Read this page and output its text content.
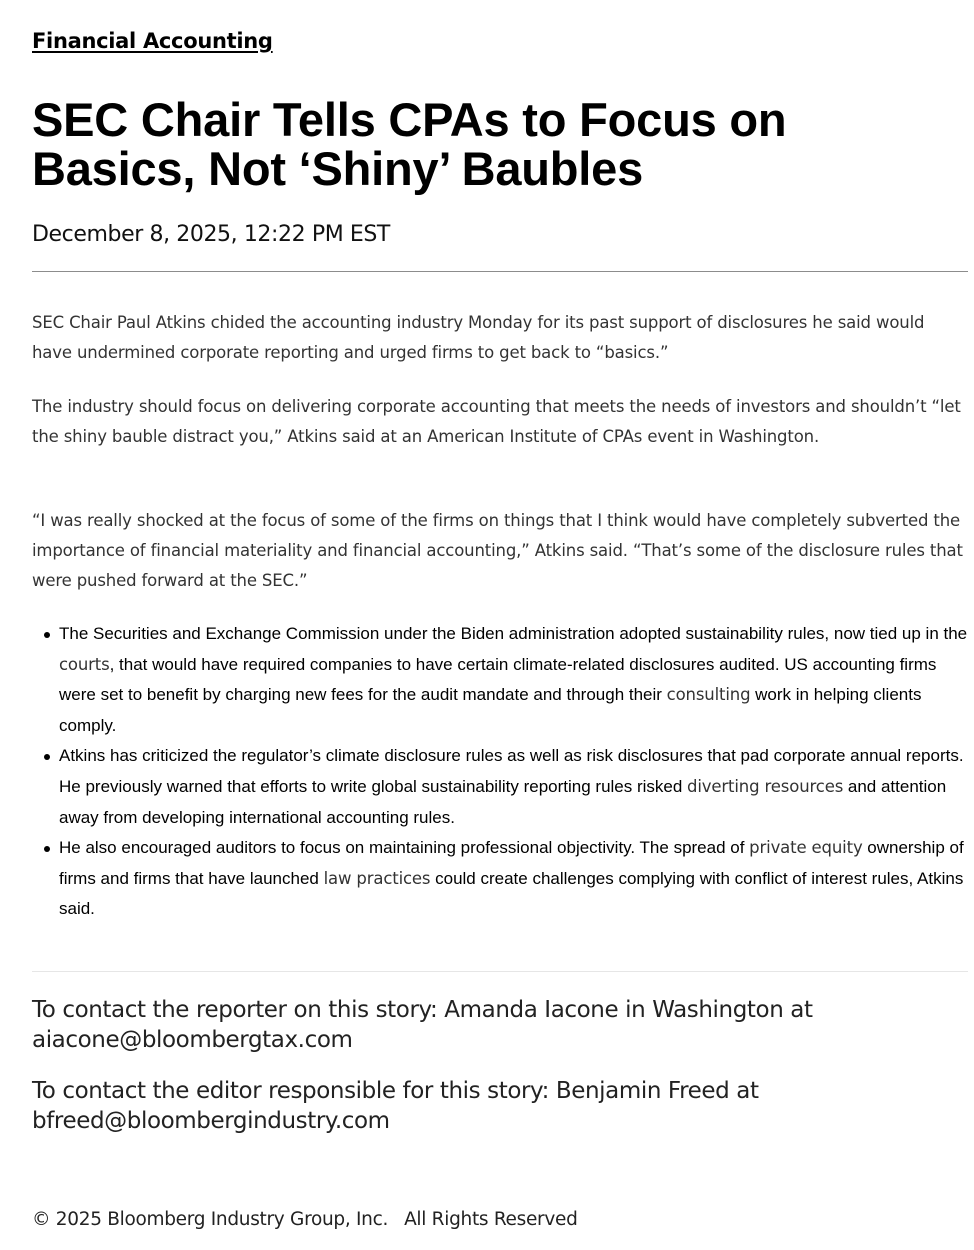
Financial Accounting
SEC Chair Tells CPAs to Focus on Basics, Not ‘Shiny’ Baubles
December 8, 2025, 12:22 PM EST

SEC Chair Paul Atkins chided the accounting industry Monday for its past support of disclosures he said would have undermined corporate reporting and urged firms to get back to “basics.”

The industry should focus on delivering corporate accounting that meets the needs of investors and shouldn’t “let the shiny bauble distract you,” Atkins said at an American Institute of CPAs event in Washington.

“I was really shocked at the focus of some of the firms on things that I think would have completely subverted the importance of financial materiality and financial accounting,” Atkins said. “That’s some of the disclosure rules that were pushed forward at the SEC.”

The Securities and Exchange Commission under the Biden administration adopted sustainability rules, now tied up in the courts, that would have required companies to have certain climate-related disclosures audited. US accounting firms were set to benefit by charging new fees for the audit mandate and through their consulting work in helping clients comply.
Atkins has criticized the regulator’s climate disclosure rules as well as risk disclosures that pad corporate annual reports. He previously warned that efforts to write global sustainability reporting rules risked diverting resources and attention away from developing international accounting rules.
He also encouraged auditors to focus on maintaining professional objectivity. The spread of private equity ownership of firms and firms that have launched law practices could create challenges complying with conflict of interest rules, Atkins said.

To contact the reporter on this story: Amanda Iacone in Washington at aiacone@bloombergtax.com

To contact the editor responsible for this story: Benjamin Freed at bfreed@bloombergindustry.com

© 2025 Bloomberg Industry Group, Inc. All Rights Reserved
